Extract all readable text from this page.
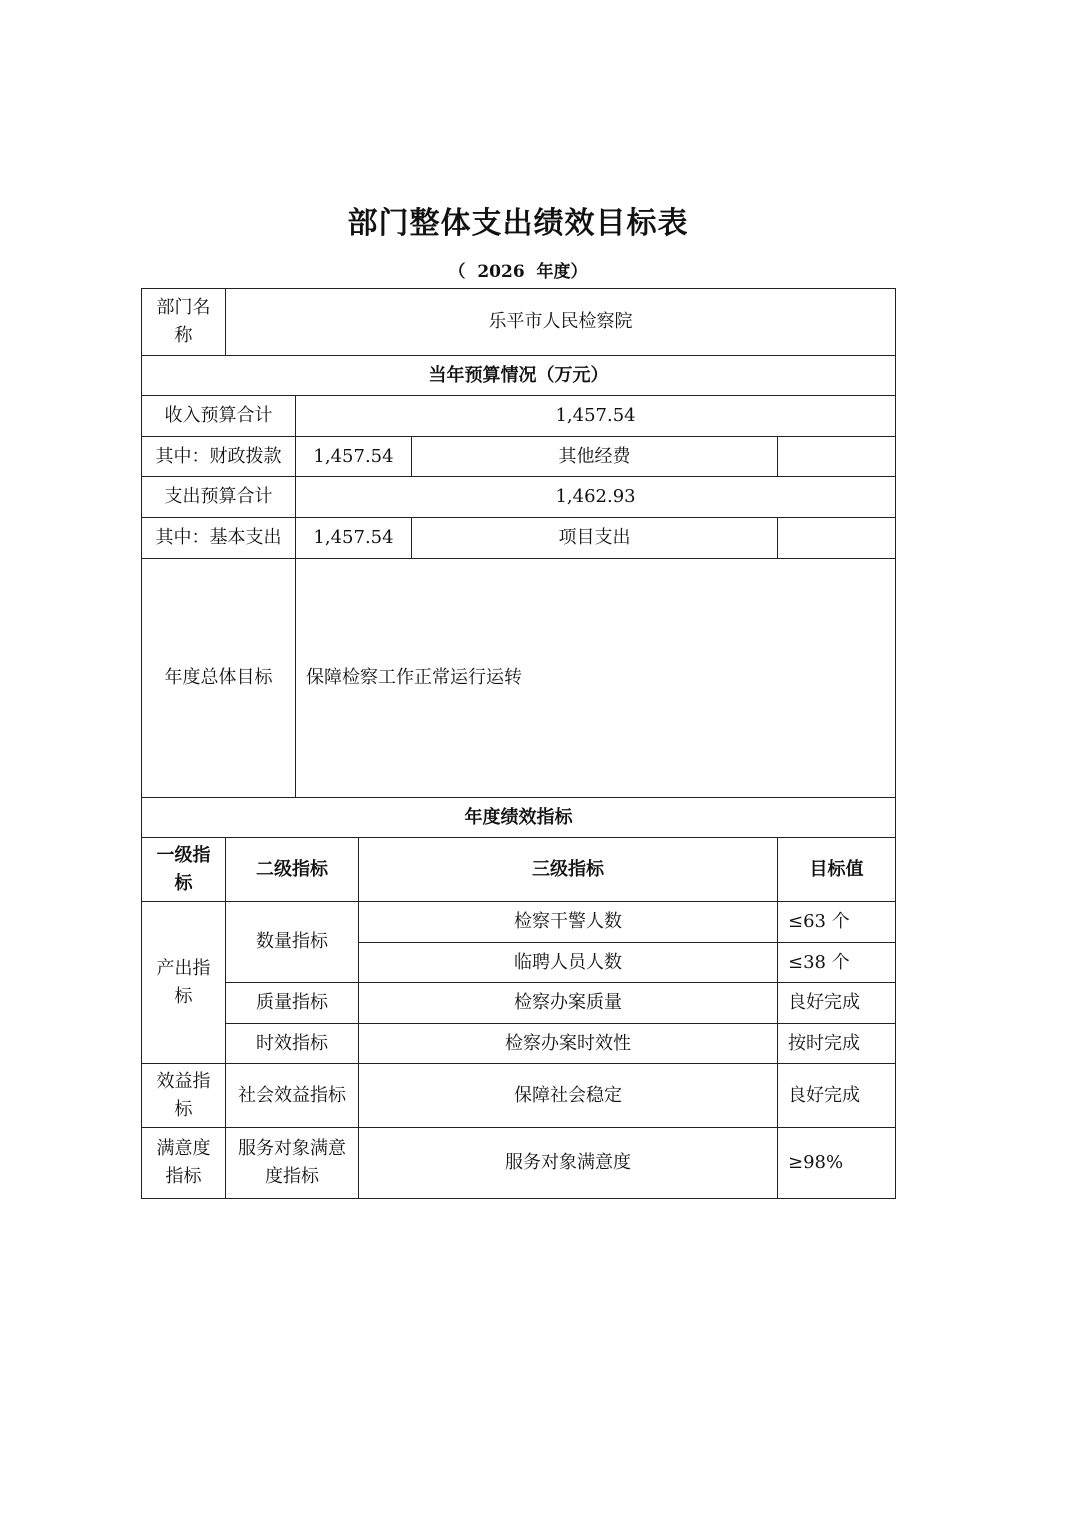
部门整体支出绩效目标表
（  2026  年度）
部门名称	乐平市人民检察院				
当年预算情况（万元）					
收入预算合计		1,457.54			
其中：财政拨款		1,457.54		其他经费	
支出预算合计		1,462.93			
其中：基本支出		1,457.54		项目支出	
年度总体目标		保障检察工作正常运行运转			
年度绩效指标					
一级指标	二级指标		三级指标		目标值
产出指标	数量指标		检察干警人数		≤63 个
			临聘人员人数		≤38 个
	质量指标		检察办案质量		良好完成
	时效指标		检察办案时效性		按时完成
效益指标	社会效益指标		保障社会稳定		良好完成
满意度指标	服务对象满意度指标		服务对象满意度		≥98%
